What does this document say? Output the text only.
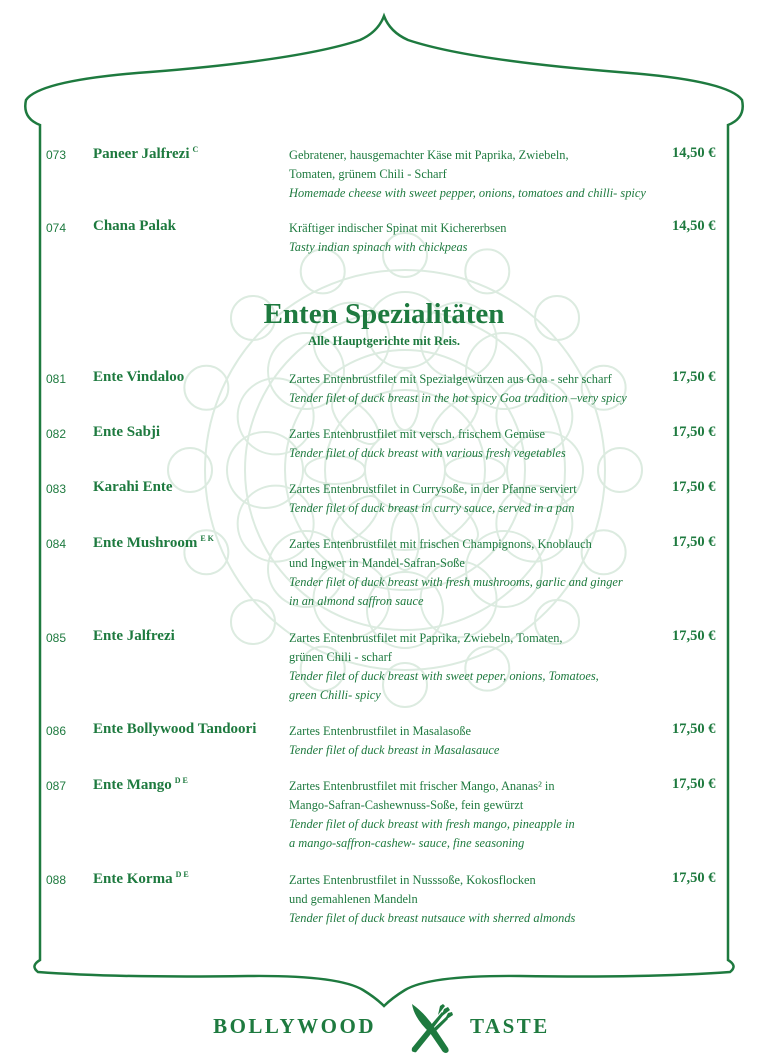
073 Paneer Jalfrezi $^C$	Gebratener, hausgemachter Käse mit Paprika, Zwiebeln,
Tomaten, grünem Chili - Scharf
Homemade cheese with sweet pepper, onions, tomatoes and chilli- spicy
14,50 €
074 Chana Palak	Kräftiger indischer Spinat mit Kichererbsen
Tasty indian spinach with chickpeas
14,50 €
Enten Spezialitäten
Alle Hauptgerichte mit Reis.
081 Ente Vindaloo	Zartes Entenbrustfilet mit Spezialgewürzen aus Goa - sehr scharf
Tender filet of duck breast in the hot spicy Goa tradition –very spicy
17,50 €
082 Ente Sabji	Zartes Entenbrustfilet mit versch. frischem Gemüse
Tender filet of duck breast with various fresh vegetables
17,50 €
083 Karahi Ente	Zartes Entenbrustfilet in Currysoße, in der Pfanne serviert
Tender filet of duck breast in curry sauce, served in a pan
17,50 €
084 Ente Mushroom $^{E K}$	Zartes Entenbrustfilet mit frischen Champignons, Knoblauch
und Ingwer in Mandel-Safran-Soße
Tender filet of duck breast with fresh mushrooms, garlic and ginger
in an almond saffron sauce
17,50 €
085 Ente Jalfrezi	Zartes Entenbrustfilet mit Paprika, Zwiebeln, Tomaten,
grünen Chili - scharf
Tender filet of duck breast with sweet peper, onions, Tomatoes,
green Chilli- spicy
17,50 €
086 Ente Bollywood Tandoori	Zartes Entenbrustfilet in Masalasoße
Tender filet of duck breast in Masalasauce
17,50 €
087 Ente Mango $^{D E}$	Zartes Entenbrustfilet mit frischer Mango, Ananas² in
Mango-Safran-Cashewnuss-Soße, fein gewürzt
Tender filet of duck breast with fresh mango, pineapple in
a mango-saffron-cashew- sauce, fine seasoning
17,50 €
088 Ente Korma $^{D E}$	Zartes Entenbrustfilet in Nusssoße, Kokosflocken
und gemahlenen Mandeln
Tender filet of duck breast nutsauce with sherred almonds
17,50 €
BOLLYWOOD	TASTE
